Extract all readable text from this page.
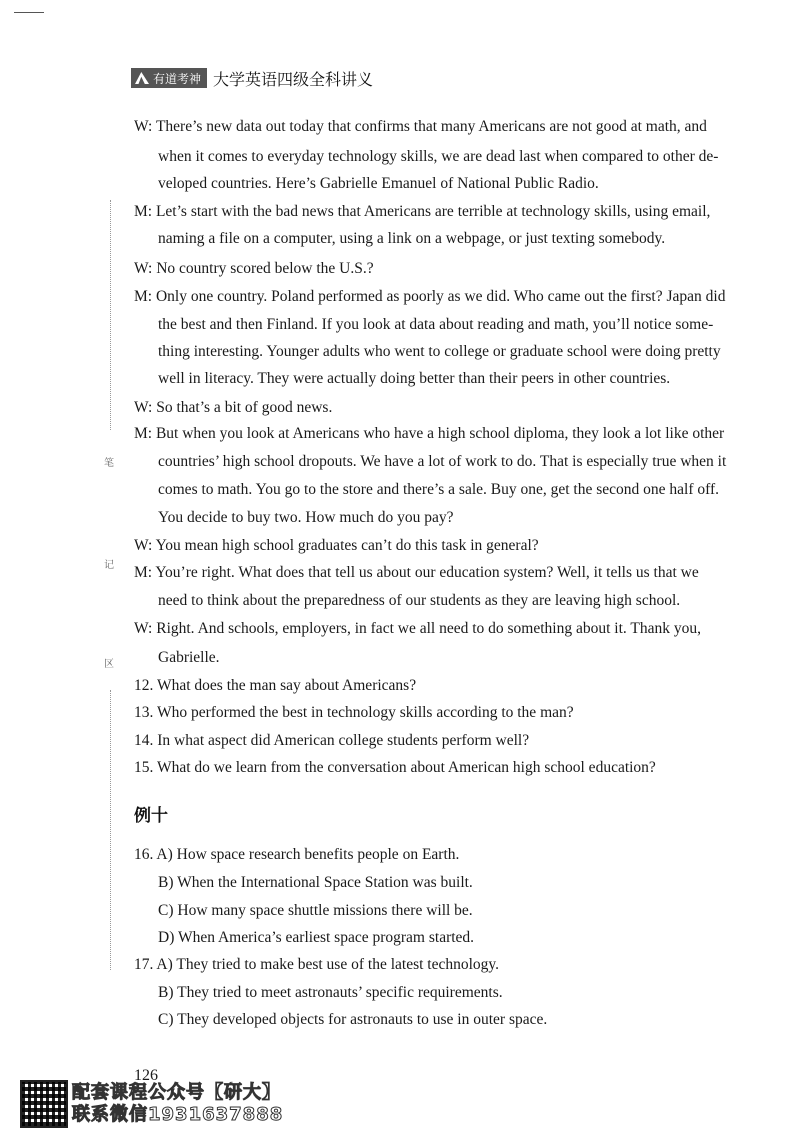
有道考神 大学英语四级全科讲义
笔
记
区
W: There’s new data out today that confirms that many Americans are not good at math, and
when it comes to everyday technology skills, we are dead last when compared to other de-
veloped countries. Here’s Gabrielle Emanuel of National Public Radio.
M: Let’s start with the bad news that Americans are terrible at technology skills, using email,
naming a file on a computer, using a link on a webpage, or just texting somebody.
W: No country scored below the U.S.?
M: Only one country. Poland performed as poorly as we did. Who came out the first? Japan did
the best and then Finland. If you look at data about reading and math, you’ll notice some-
thing interesting. Younger adults who went to college or graduate school were doing pretty
well in literacy. They were actually doing better than their peers in other countries.
W: So that’s a bit of good news.
M: But when you look at Americans who have a high school diploma, they look a lot like other
countries’ high school dropouts. We have a lot of work to do. That is especially true when it
comes to math. You go to the store and there’s a sale. Buy one, get the second one half off.
You decide to buy two. How much do you pay?
W: You mean high school graduates can’t do this task in general?
M: You’re right. What does that tell us about our education system? Well, it tells us that we
need to think about the preparedness of our students as they are leaving high school.
W: Right. And schools, employers, in fact we all need to do something about it. Thank you,
Gabrielle.
12. What does the man say about Americans?
13. Who performed the best in technology skills according to the man?
14. In what aspect did American college students perform well?
15. What do we learn from the conversation about American high school education?
例十
16. A) How space research benefits people on Earth.
B) When the International Space Station was built.
C) How many space shuttle missions there will be.
D) When America’s earliest space program started.
17. A) They tried to make best use of the latest technology.
B) They tried to meet astronauts’ specific requirements.
C) They developed objects for astronauts to use in outer space.
126
配套课程公众号【研大】
联系微信1931637888
